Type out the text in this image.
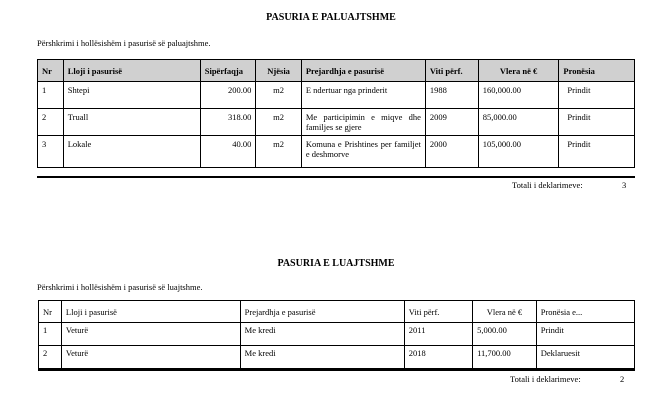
PASURIA E PALUAJTSHME
Përshkrimi i hollësishëm i pasurisë së paluajtshme.
Nr	Lloji i pasurisë	Sipërfaqja	Njësia	Prejardhja e pasurisë	Viti përf.	Vlera në €	Pronësia
1	Shtepi	200.00	m2	E ndertuar nga prinderit	1988	160,000.00	Prindit
2	Truall	318.00	m2	Me participimin e miqve dhe familjes se gjere	2009	85,000.00	Prindit
3	Lokale	40.00	m2	Komuna e Prishtines per familjet e deshmorve	2000	105,000.00	Prindit
Totali i deklarimeve:	3
PASURIA E LUAJTSHME
Përshkrimi i hollësishëm i pasurisë së luajtshme.
Nr	Lloji i pasurisë	Prejardhja e pasurisë	Viti përf.	Vlera në €	Pronësia e...
1	Veturë	Me kredi	2011	5,000.00	Prindit
2	Veturë	Me kredi	2018	11,700.00	Deklaruesit
Totali i deklarimeve:	2
